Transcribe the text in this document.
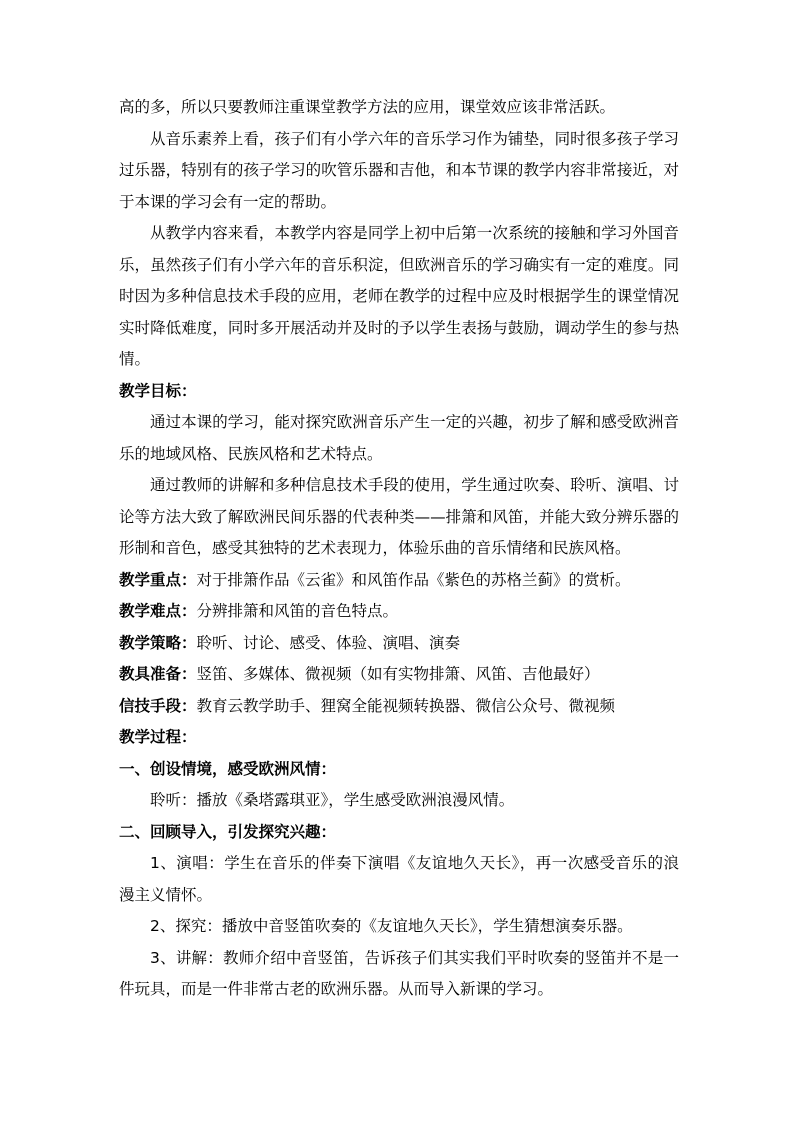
高的多，所以只要教师注重课堂教学方法的应用，课堂效应该非常活跃。

从音乐素养上看，孩子们有小学六年的音乐学习作为铺垫，同时很多孩子学习过乐器，特别有的孩子学习的吹管乐器和吉他，和本节课的教学内容非常接近，对于本课的学习会有一定的帮助。

从教学内容来看，本教学内容是同学上初中后第一次系统的接触和学习外国音乐，虽然孩子们有小学六年的音乐积淀，但欧洲音乐的学习确实有一定的难度。同时因为多种信息技术手段的应用，老师在教学的过程中应及时根据学生的课堂情况实时降低难度，同时多开展活动并及时的予以学生表扬与鼓励，调动学生的参与热情。

教学目标：

通过本课的学习，能对探究欧洲音乐产生一定的兴趣，初步了解和感受欧洲音乐的地域风格、民族风格和艺术特点。

通过教师的讲解和多种信息技术手段的使用，学生通过吹奏、聆听、演唱、讨论等方法大致了解欧洲民间乐器的代表种类——排箫和风笛，并能大致分辨乐器的形制和音色，感受其独特的艺术表现力，体验乐曲的音乐情绪和民族风格。

教学重点：对于排箫作品《云雀》和风笛作品《紫色的苏格兰蓟》的赏析。

教学难点：分辨排箫和风笛的音色特点。

教学策略：聆听、讨论、感受、体验、演唱、演奏

教具准备：竖笛、多媒体、微视频（如有实物排箫、风笛、吉他最好）

信技手段：教育云教学助手、狸窝全能视频转换器、微信公众号、微视频

教学过程：

一、创设情境，感受欧洲风情：

聆听：播放《桑塔露琪亚》，学生感受欧洲浪漫风情。

二、回顾导入，引发探究兴趣：

1、演唱：学生在音乐的伴奏下演唱《友谊地久天长》，再一次感受音乐的浪漫主义情怀。

2、探究：播放中音竖笛吹奏的《友谊地久天长》，学生猜想演奏乐器。

3、讲解：教师介绍中音竖笛，告诉孩子们其实我们平时吹奏的竖笛并不是一件玩具，而是一件非常古老的欧洲乐器。从而导入新课的学习。
